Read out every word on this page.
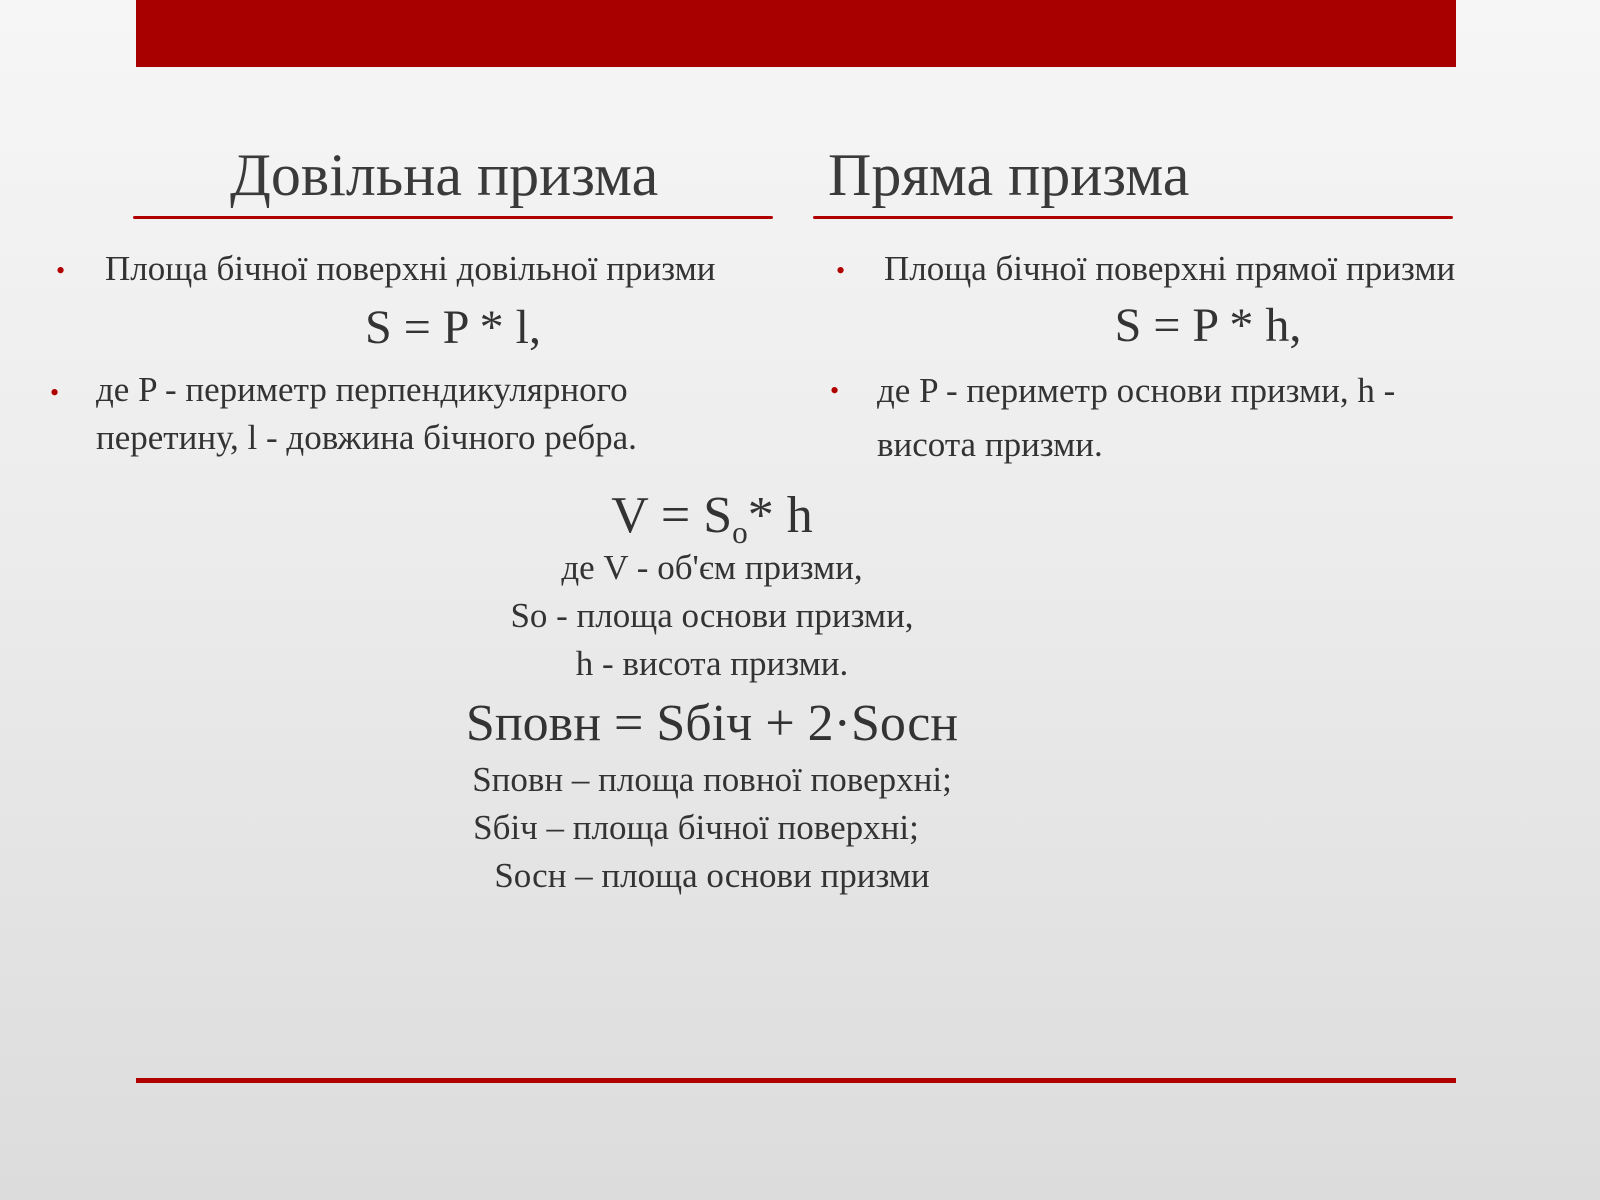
Довільна призма
• Площа бічної поверхні довільної призми
S = P * l,
• де P - периметр перпендикулярного
перетину, l - довжина бічного ребра.
Пряма призма
• Площа бічної поверхні прямої призми
S = P * h,
• де P - периметр основи призми, h -
висота призми.
$V = S_o*$ h
де V - об'єм призми,
So - площа основи призми,
h - висота призми.
Sповн = Sбіч + 2·Sосн
Sповн – площа повної поверхні;
Sбіч – площа бічної поверхні;
Sосн – площа основи призми
